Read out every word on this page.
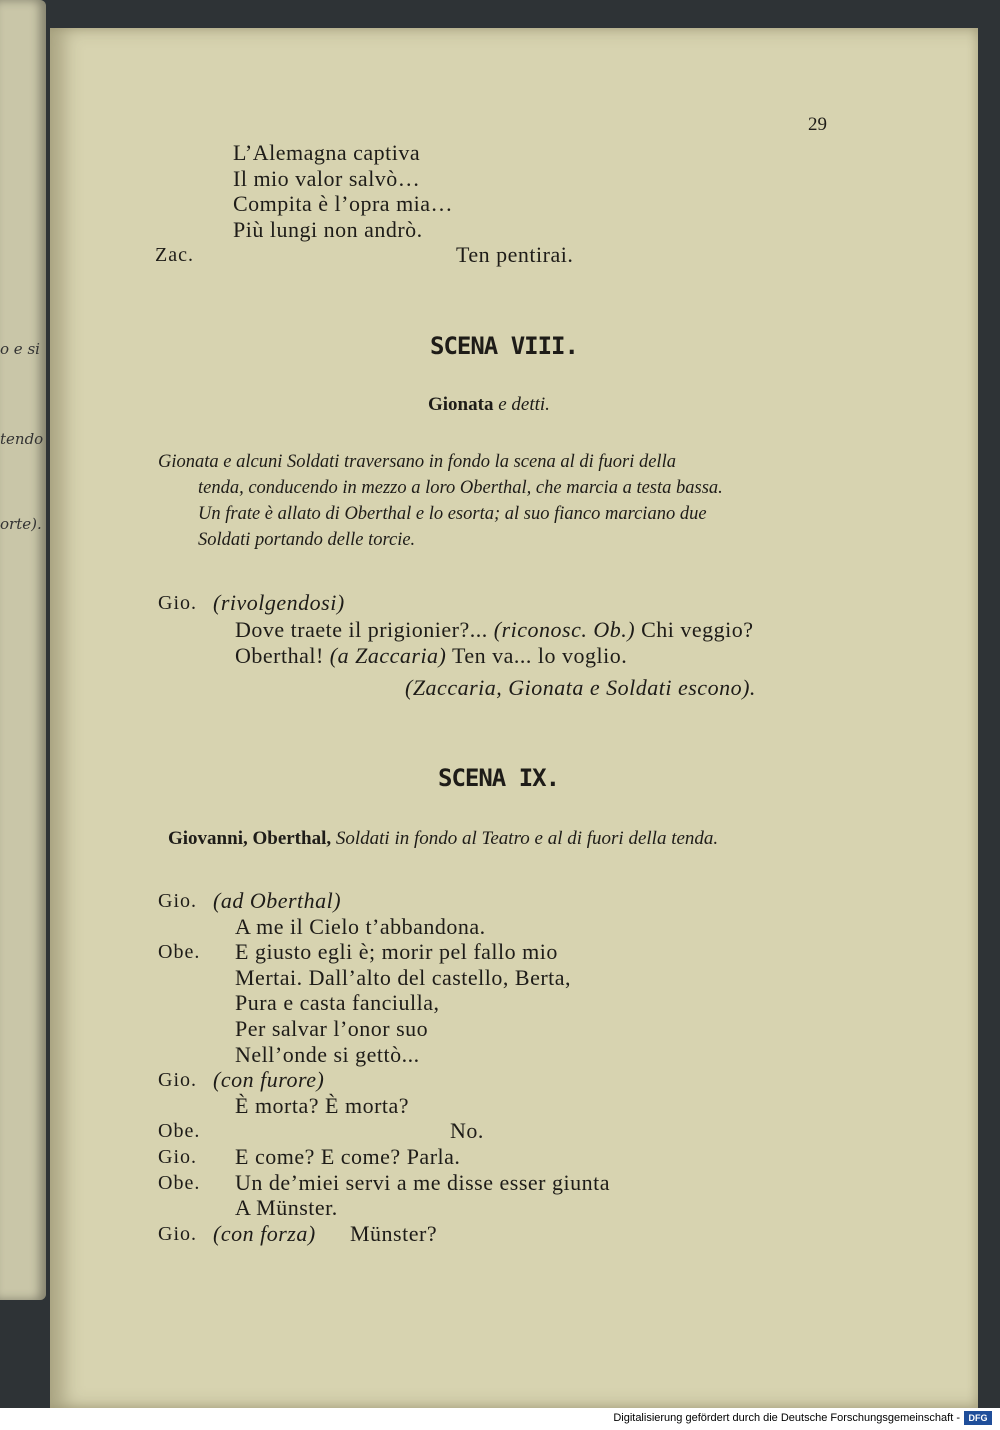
o e si
tendo
orte).
29
L’Alemagna captiva
Il mio valor salvò…
Compita è l’opra mia…
Più lungi non andrò.
Zac.	Ten pentirai.
SCENA VIII.
Gionata e detti.
Gionata e alcuni Soldati traversano in fondo la scena al di fuori della
tenda, conducendo in mezzo a loro Oberthal, che marcia a testa bassa.
Un frate è allato di Oberthal e lo esorta; al suo fianco marciano due
Soldati portando delle torcie.
Gio. (rivolgendosi)
Dove traete il prigionier?... (riconosc. Ob.) Chi veggio?
Oberthal! (a Zaccaria) Ten va... lo voglio.
(Zaccaria, Gionata e Soldati escono).
SCENA IX.
Giovanni, Oberthal, Soldati in fondo al Teatro e al di fuori della tenda.
Gio. (ad Oberthal)
A me il Cielo t’abbandona.
Obe. E giusto egli è; morir pel fallo mio
Mertai. Dall’alto del castello, Berta,
Pura e casta fanciulla,
Per salvar l’onor suo
Nell’onde si gettò...
Gio. (con furore)
È morta? È morta?
Obe.	No.
Gio. E come? E come? Parla.
Obe. Un de’miei servi a me disse esser giunta
A Münster.
Gio. (con forza) Münster?
Digitalisierung gefördert durch die Deutsche Forschungsgemeinschaft - DFG
